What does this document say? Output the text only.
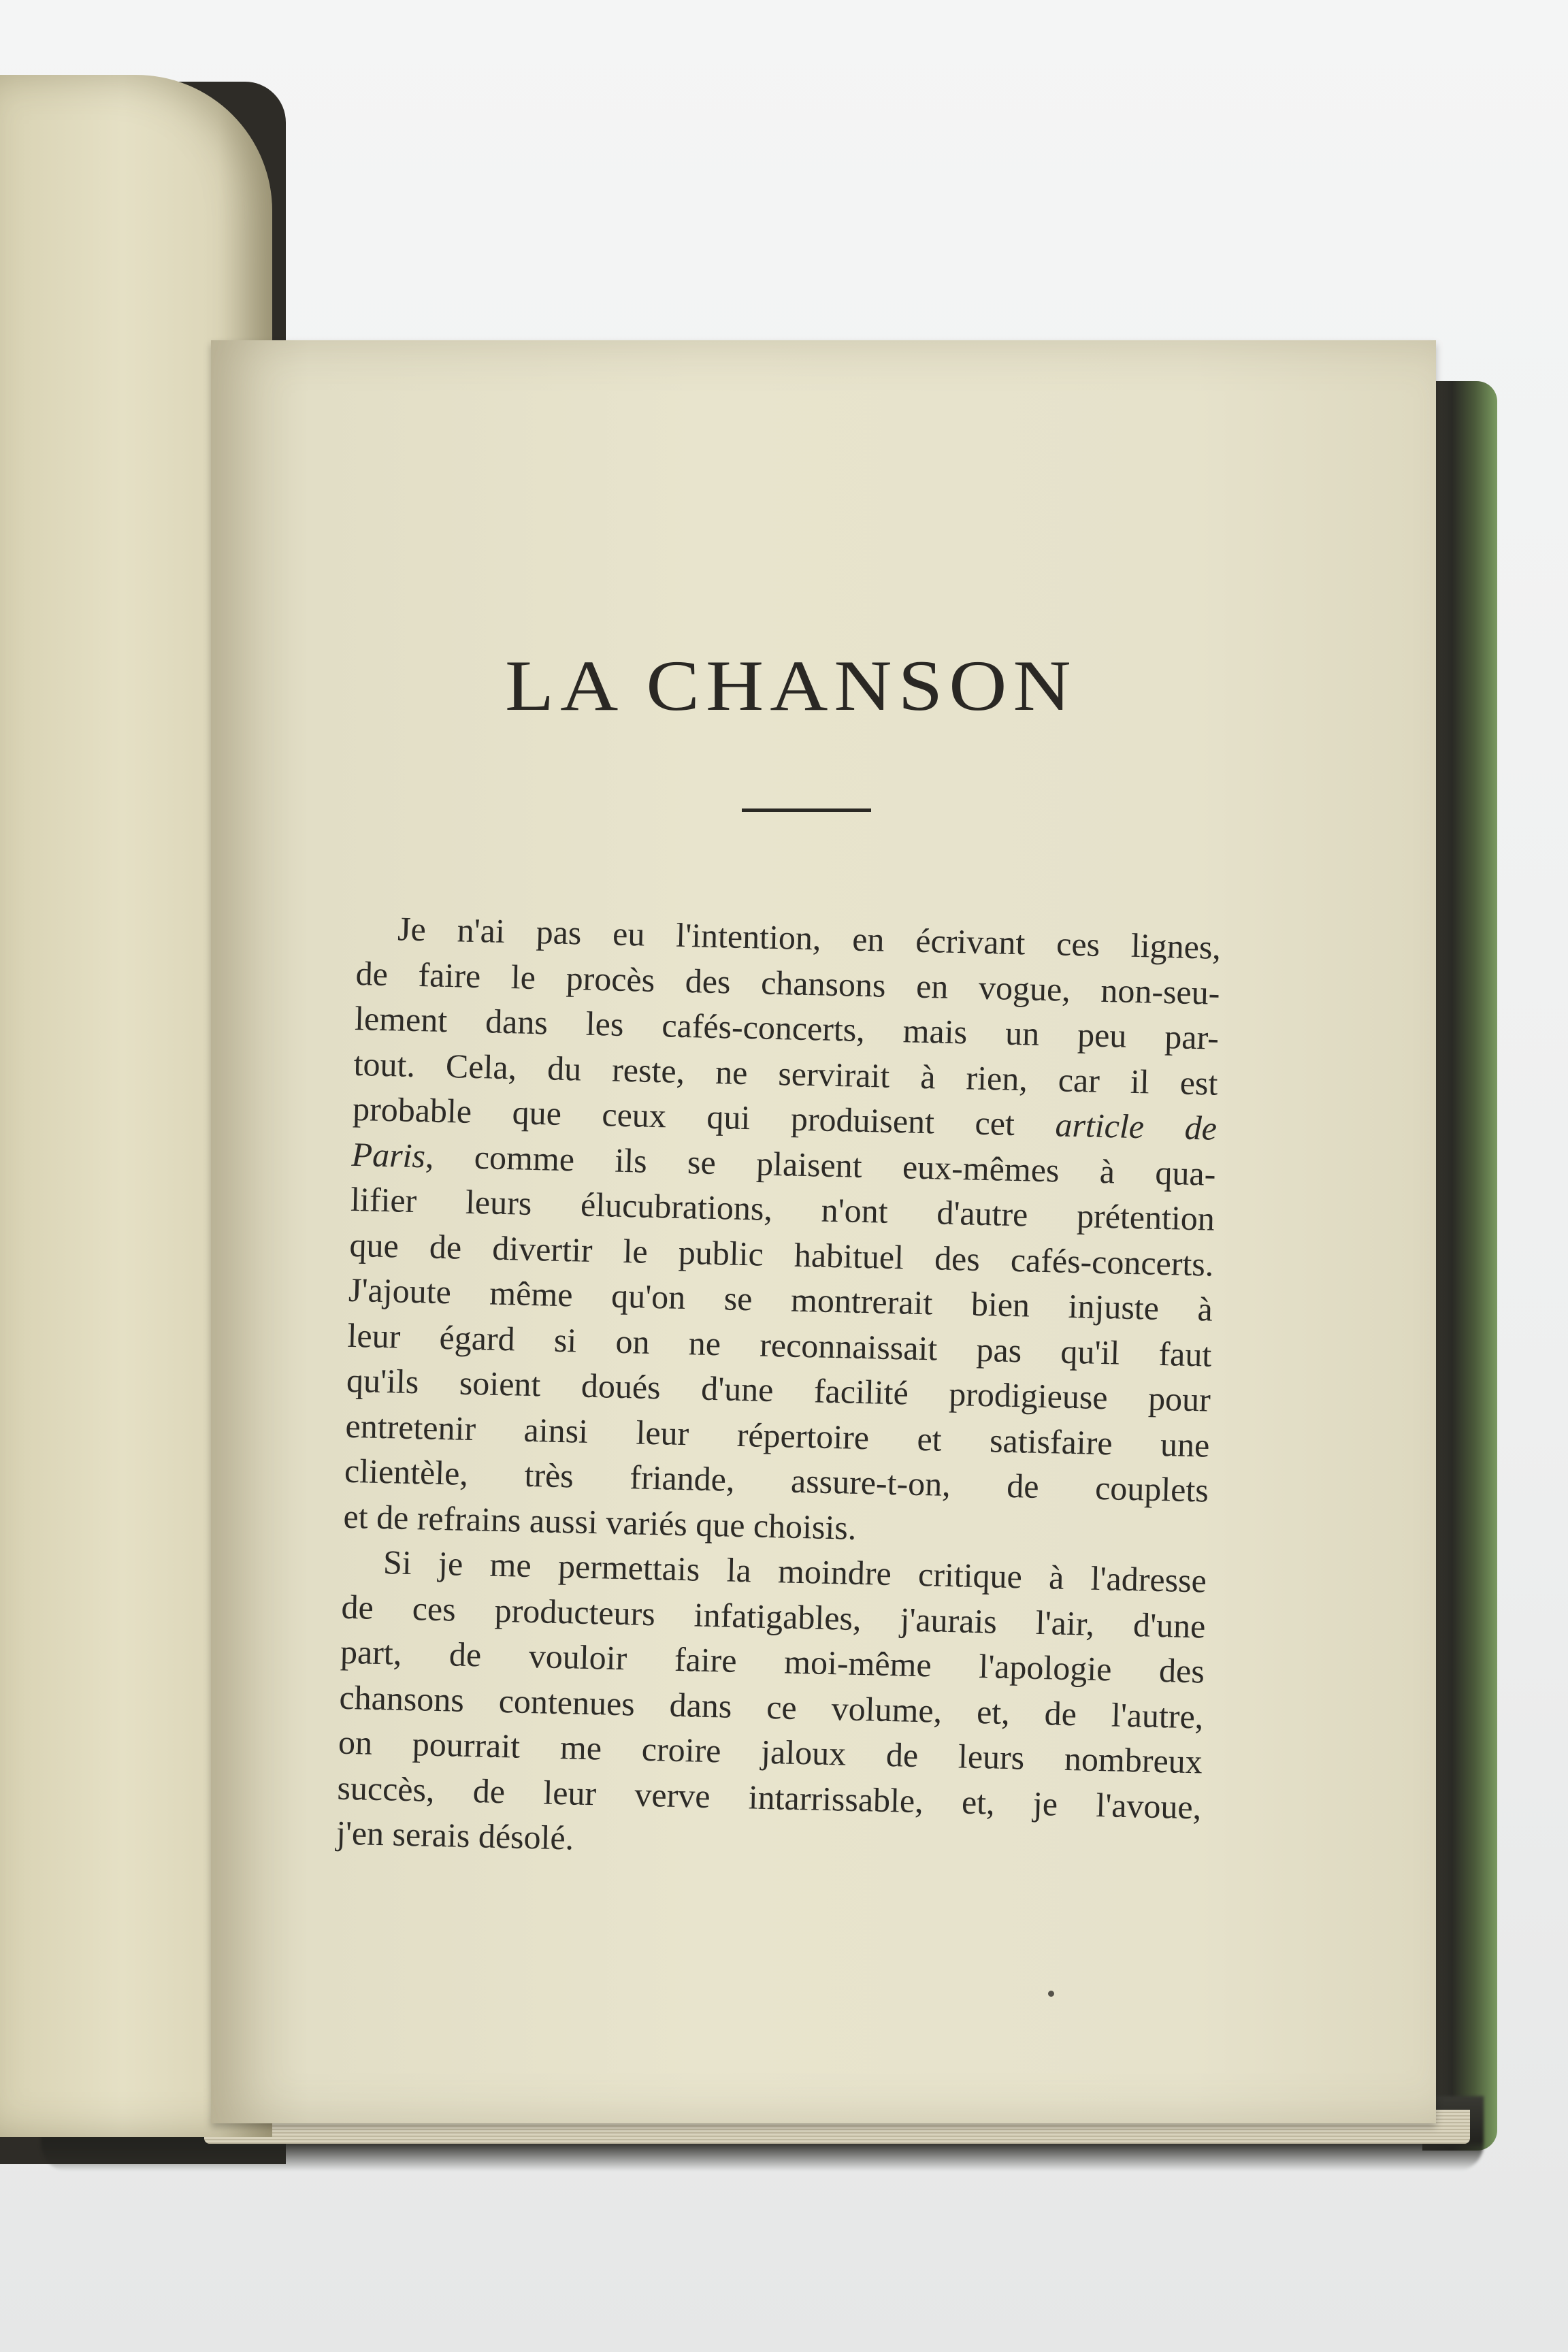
LA CHANSON
Je n'ai pas eu l'intention, en écrivant ces lignes,
de faire le procès des chansons en vogue, non-seu-
lement dans les cafés-concerts, mais un peu par-
tout. Cela, du reste, ne servirait à rien, car il est
probable que ceux qui produisent cet article de
Paris, comme ils se plaisent eux-mêmes à qua-
lifier leurs élucubrations, n'ont d'autre prétention
que de divertir le public habituel des cafés-concerts.
J'ajoute même qu'on se montrerait bien injuste à
leur égard si on ne reconnaissait pas qu'il faut
qu'ils soient doués d'une facilité prodigieuse pour
entretenir ainsi leur répertoire et satisfaire une
clientèle, très friande, assure-t-on, de couplets
et de refrains aussi variés que choisis.
Si je me permettais la moindre critique à l'adresse
de ces producteurs infatigables, j'aurais l'air, d'une
part, de vouloir faire moi-même l'apologie des
chansons contenues dans ce volume, et, de l'autre,
on pourrait me croire jaloux de leurs nombreux
succès, de leur verve intarrissable, et, je l'avoue,
j'en serais désolé.
